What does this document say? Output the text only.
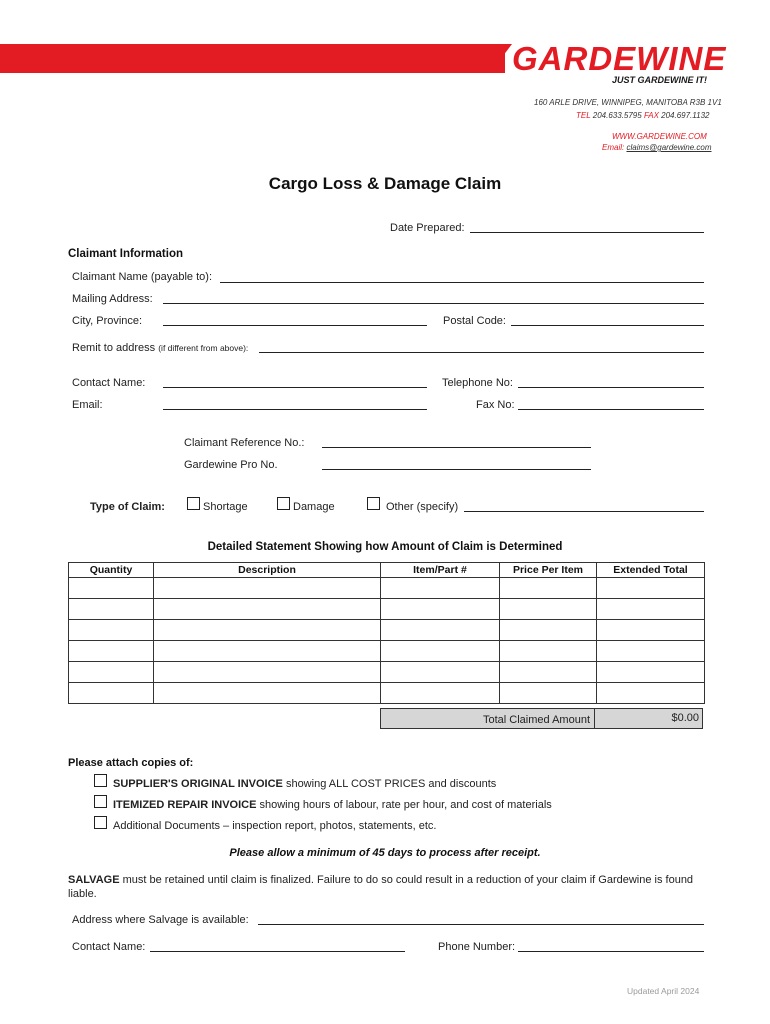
GARDEWINE
JUST GARDEWINE IT!
160 ARLE DRIVE, WINNIPEG, MANITOBA R3B 1V1
TEL 204.633.5795 FAX 204.697.1132
WWW.GARDEWINE.COM
Email: claims@gardewine.com
Cargo Loss & Damage Claim
Date Prepared:
Claimant Information
Claimant Name (payable to):
Mailing Address:
City, Province:	Postal Code:
Remit to address (if different from above):
Contact Name:	Telephone No:
Email:	Fax No:
Claimant Reference No.:
Gardewine Pro No.
Type of Claim:	Shortage	Damage	Other (specify)
Detailed Statement Showing how Amount of Claim is Determined
Quantity	Description	Item/Part #	Price Per Item	Extended Total

Total Claimed Amount	$0.00
Please attach copies of:
SUPPLIER'S ORIGINAL INVOICE showing ALL COST PRICES and discounts
ITEMIZED REPAIR INVOICE showing hours of labour, rate per hour, and cost of materials
Additional Documents – inspection report, photos, statements, etc.
Please allow a minimum of 45 days to process after receipt.
SALVAGE must be retained until claim is finalized. Failure to do so could result in a reduction of your claim if Gardewine is found liable.
Address where Salvage is available:
Contact Name:	Phone Number:
Updated April 2024
